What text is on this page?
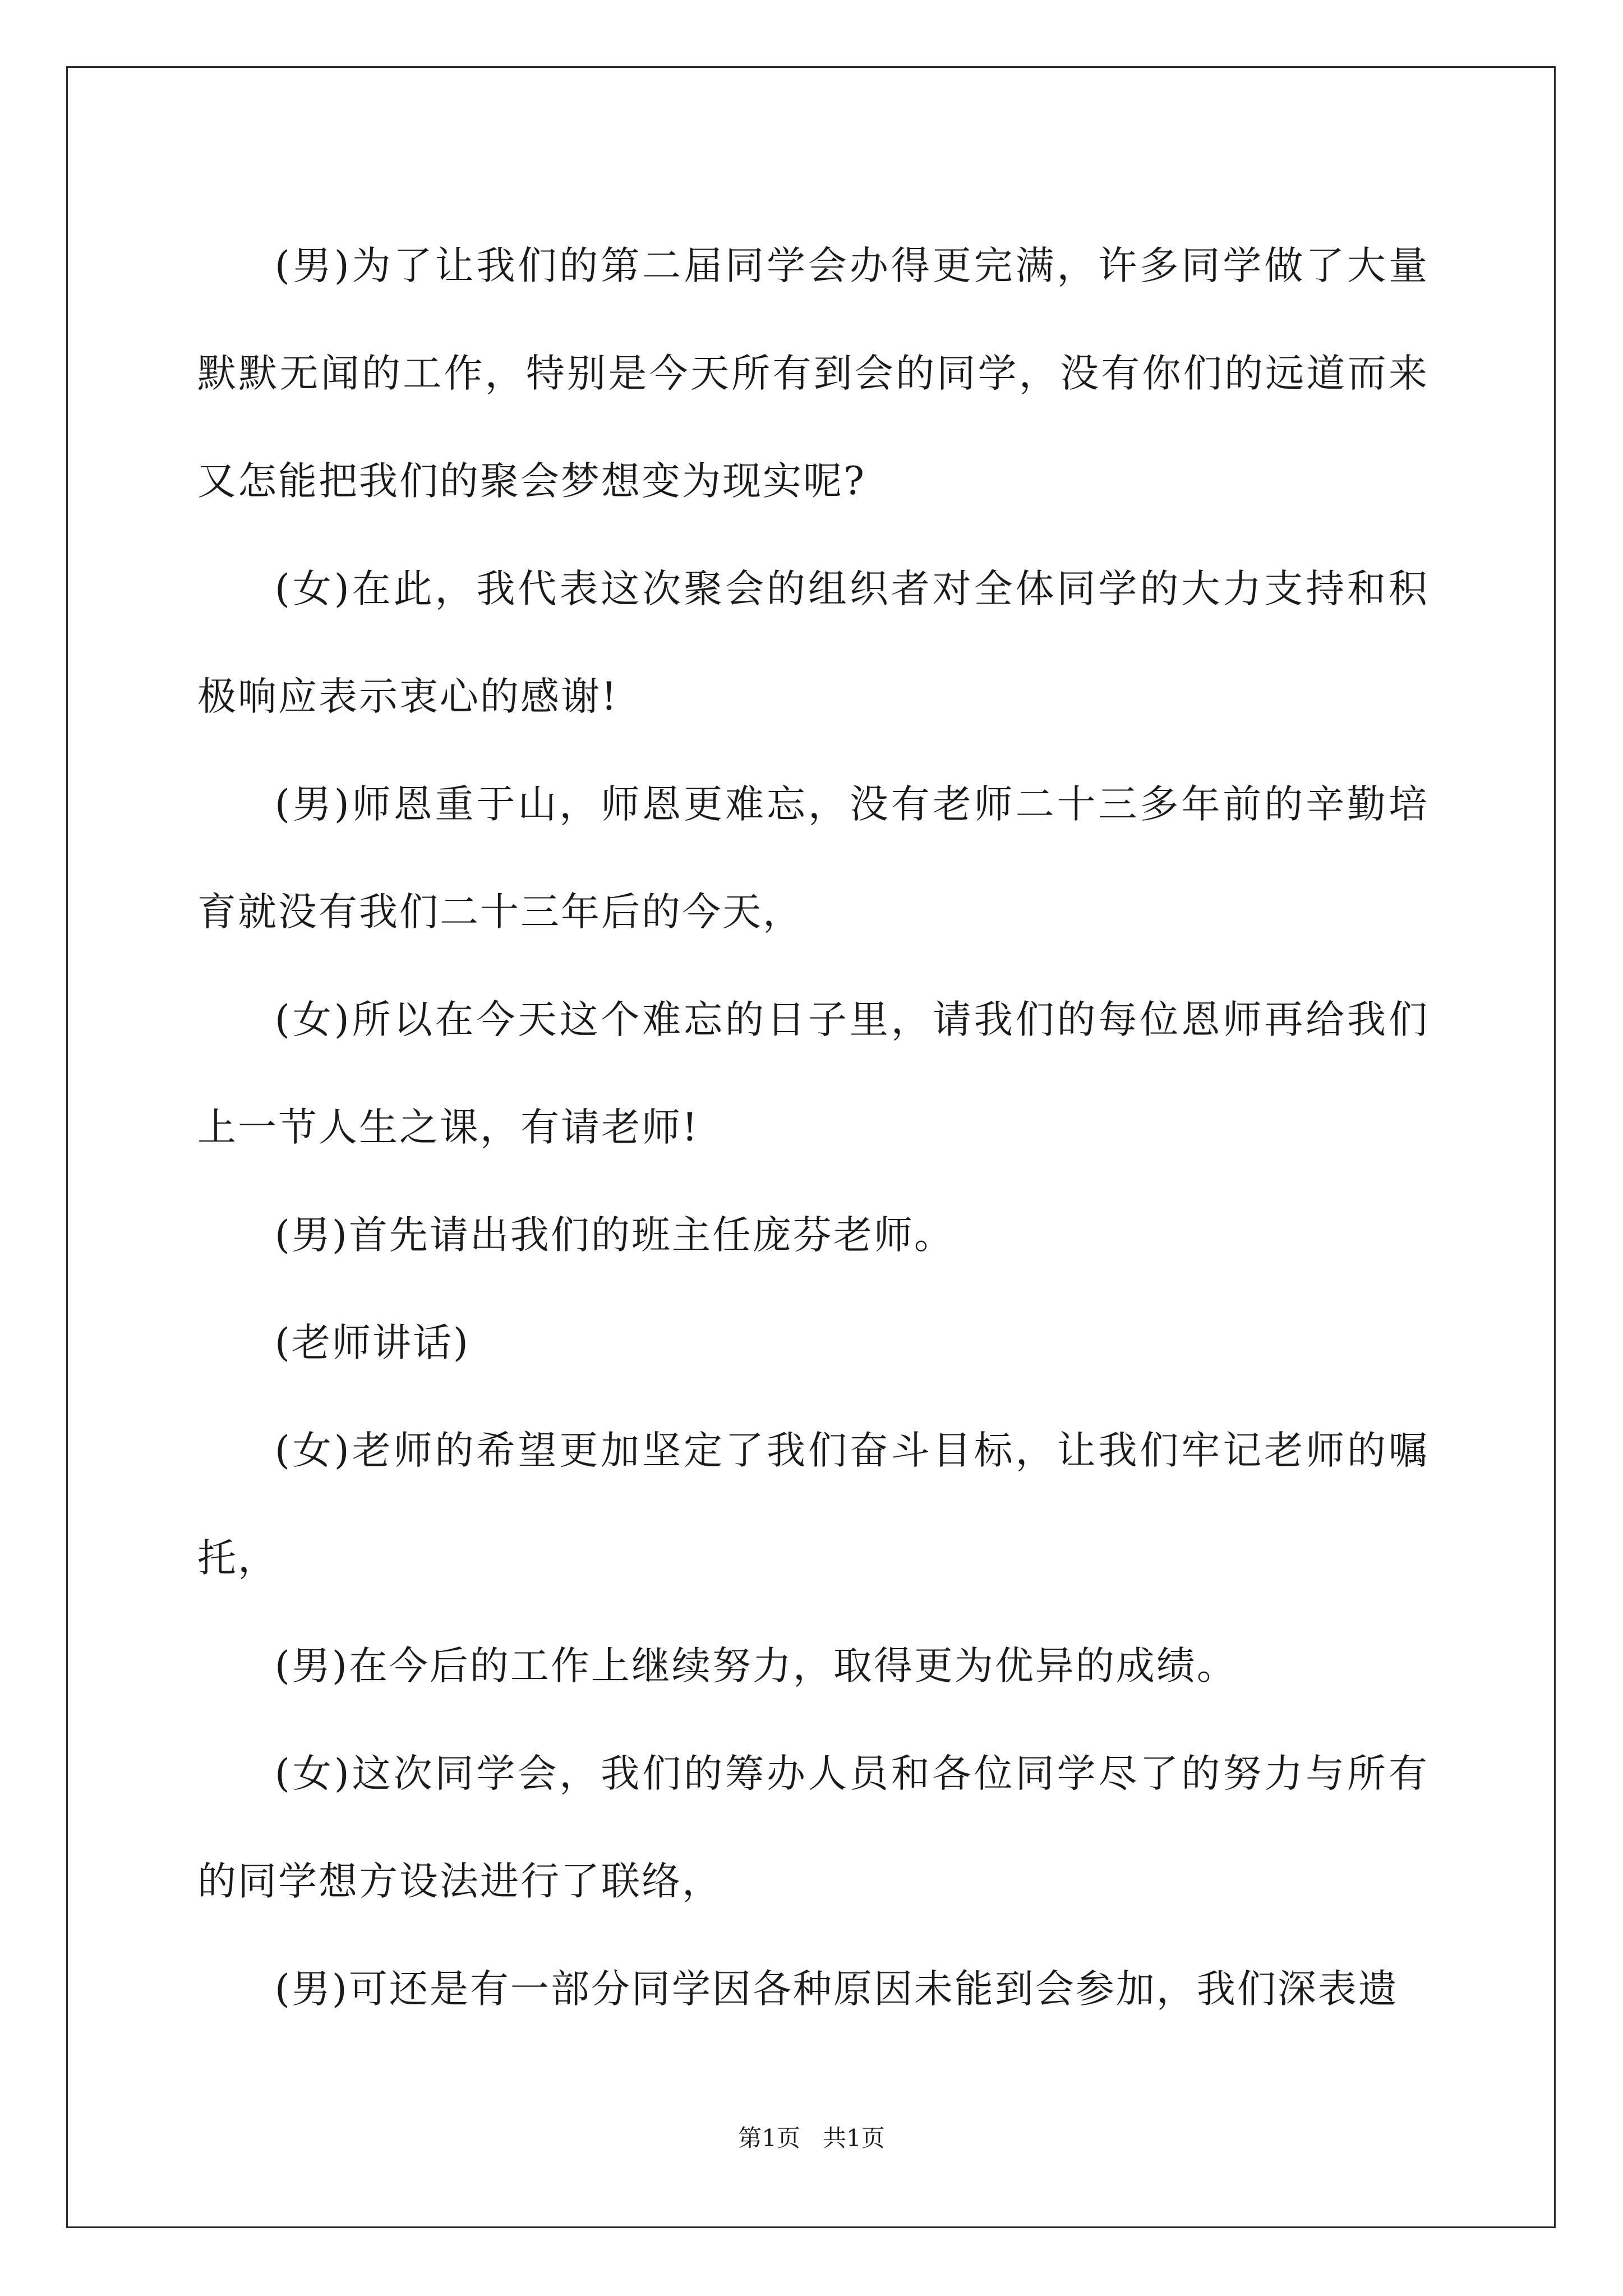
(男)为了让我们的第二届同学会办得更完满，许多同学做了大量默默无闻的工作，特别是今天所有到会的同学，没有你们的远道而来又怎能把我们的聚会梦想变为现实呢?

(女)在此，我代表这次聚会的组织者对全体同学的大力支持和积极响应表示衷心的感谢!

(男)师恩重于山，师恩更难忘，没有老师二十三多年前的辛勤培育就没有我们二十三年后的今天，

(女)所以在今天这个难忘的日子里，请我们的每位恩师再给我们上一节人生之课，有请老师!

(男)首先请出我们的班主任庞芬老师。

(老师讲话)

(女)老师的希望更加坚定了我们奋斗目标，让我们牢记老师的嘱托，

(男)在今后的工作上继续努力，取得更为优异的成绩。

(女)这次同学会，我们的筹办人员和各位同学尽了的努力与所有的同学想方设法进行了联络，

(男)可还是有一部分同学因各种原因未能到会参加，我们深表遗

第1页 共1页
